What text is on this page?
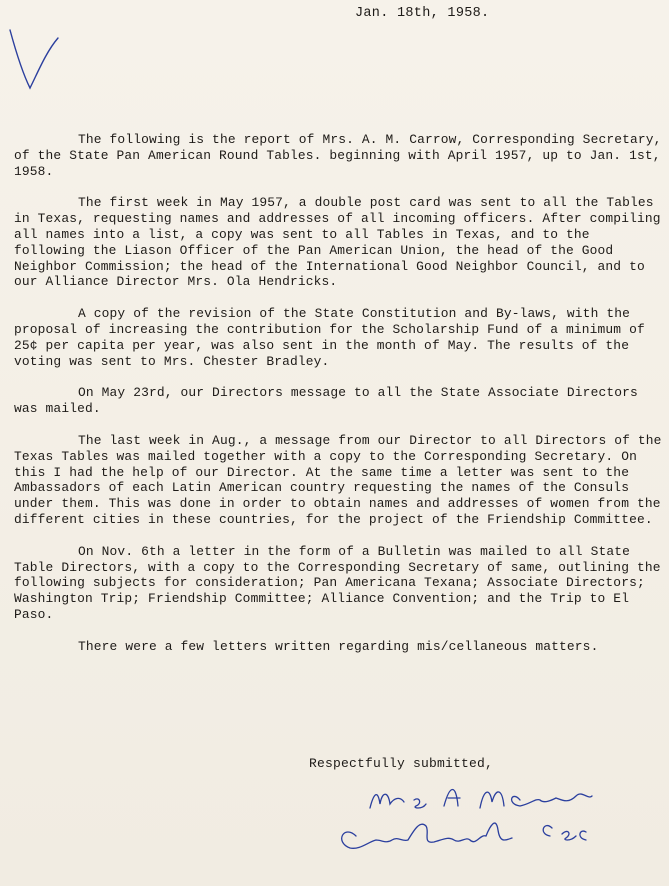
Jan. 18th, 1958.

The following is the report of Mrs. A. M. Carrow, Corresponding Secretary, of the State Pan American Round Tables. beginning with April 1957, up to Jan. 1st, 1958.

The first week in May 1957, a double post card was sent to all the Tables in Texas, requesting names and addresses of all incoming officers. After compiling all names into a list, a copy was sent to all Tables in Texas, and to the following the Liason Officer of the Pan American Union, the head of the Good Neighbor Commission; the head of the International Good Neighbor Council, and to our Alliance Director Mrs. Ola Hendricks.

A copy of the revision of the State Constitution and By-laws, with the proposal of increasing the contribution for the Scholarship Fund of a minimum of 25¢ per capita per year, was also sent in the month of May. The results of the voting was sent to Mrs. Chester Bradley.

On May 23rd, our Directors message to all the State Associate Directors was mailed.

The last week in Aug., a message from our Director to all Directors of the Texas Tables was mailed together with a copy to the Corresponding Secretary. On this I had the help of our Director. At the same time a letter was sent to the Ambassadors of each Latin American country requesting the names of the Consuls under them. This was done in order to obtain names and addresses of women from the different cities in these countries, for the project of the Friendship Committee.

On Nov. 6th a letter in the form of a Bulletin was mailed to all State Table Directors, with a copy to the Corresponding Secretary of same, outlining the following subjects for consideration; Pan Americana Texana; Associate Directors; Washington Trip; Friendship Committee; Alliance Convention; and the Trip to El Paso.

There were a few letters written regarding mis/cellaneous matters.

Respectfully submitted,
